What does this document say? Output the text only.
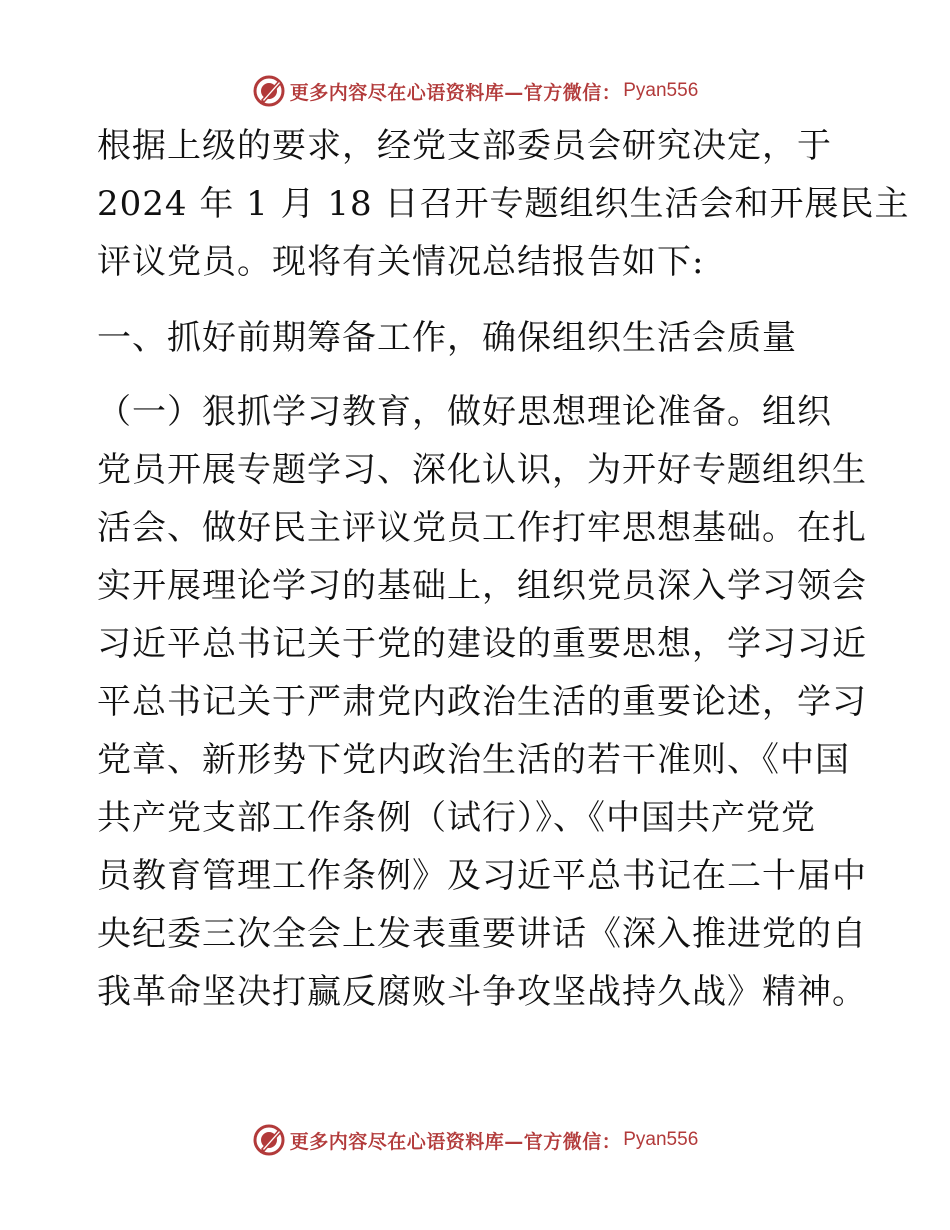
更多内容尽在心语资料库—官方微信： Pyan556
根据上级的要求，经党支部委员会研究决定，于
2024 年 1 月 18 日召开专题组织生活会和开展民主
评议党员。现将有关情况总结报告如下:
一、抓好前期筹备工作，确保组织生活会质量
（一）狠抓学习教育，做好思想理论准备。组织
党员开展专题学习、深化认识，为开好专题组织生
活会、做好民主评议党员工作打牢思想基础。在扎
实开展理论学习的基础上，组织党员深入学习领会
习近平总书记关于党的建设的重要思想，学习习近
平总书记关于严肃党内政治生活的重要论述，学习
党章、新形势下党内政治生活的若干准则、《中国
共产党支部工作条例（试行）》、《中国共产党党
员教育管理工作条例》及习近平总书记在二十届中
央纪委三次全会上发表重要讲话《深入推进党的自
我革命坚决打赢反腐败斗争攻坚战持久战》精神。
更多内容尽在心语资料库—官方微信： Pyan556
